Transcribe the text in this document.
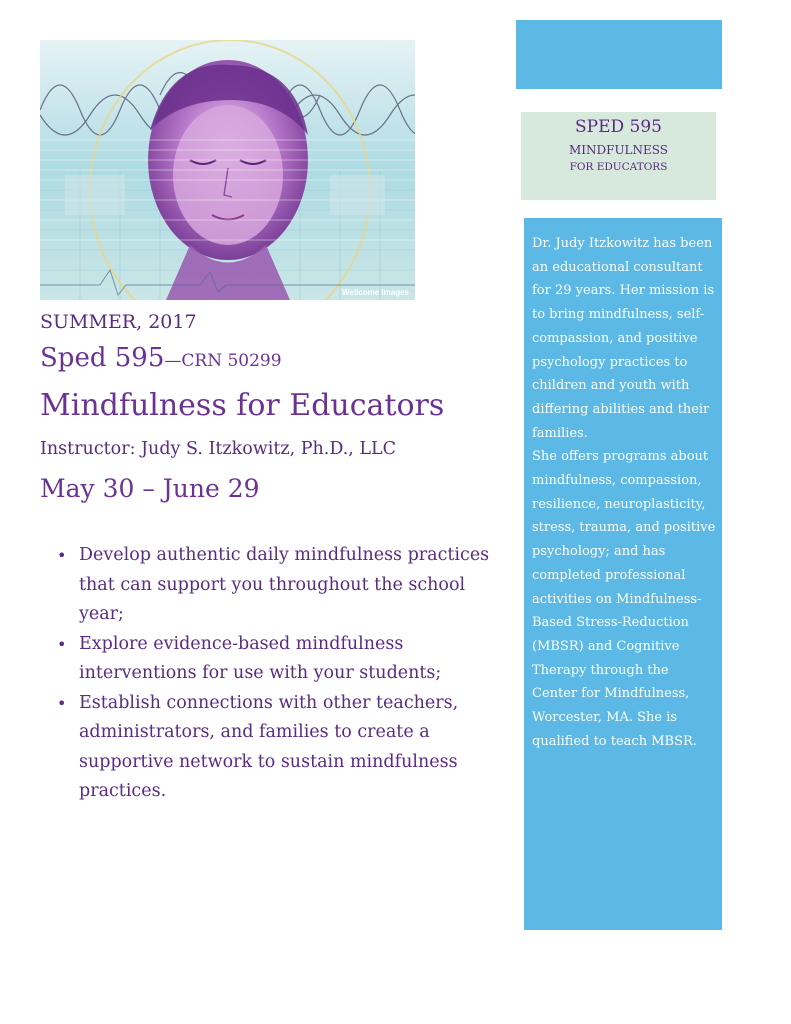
Wellcome Images
SUMMER, 2017
Sped 595—CRN 50299
Mindfulness for Educators
Instructor: Judy S. Itzkowitz, Ph.D., LLC
May 30 – June 29
• Develop authentic daily mindfulness practices that can support you throughout the school year;
• Explore evidence-based mindfulness interventions for use with your students;
• Establish connections with other teachers, administrators, and families to create a supportive network to sustain mindfulness practices.
SPED 595
MINDFULNESS
FOR EDUCATORS

Dr. Judy Itzkowitz has been an educational consultant for 29 years. Her mission is to bring mindfulness, self-compassion, and positive psychology practices to children and youth with differing abilities and their families.

She offers programs about mindfulness, compassion, resilience, neuroplasticity, stress, trauma, and positive psychology; and has completed professional activities on Mindfulness-Based Stress-Reduction (MBSR) and Cognitive Therapy through the Center for Mindfulness, Worcester, MA. She is qualified to teach MBSR.
